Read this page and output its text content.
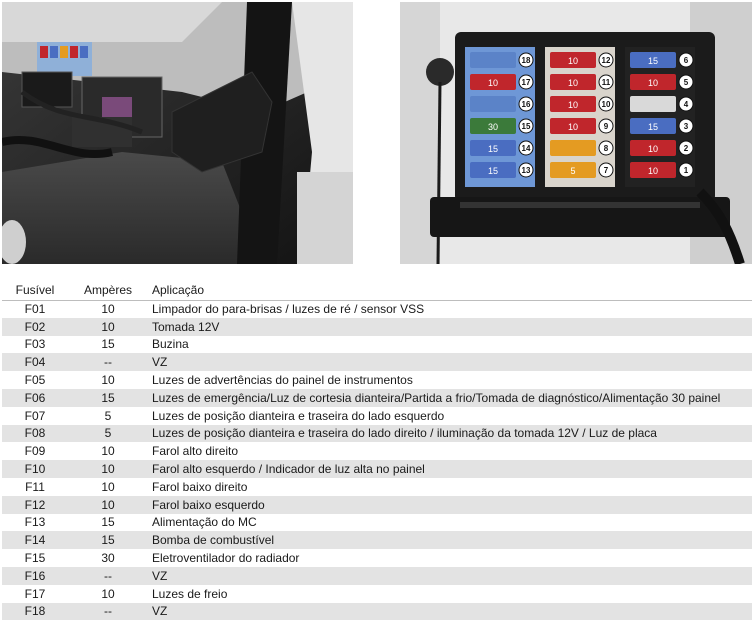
18
10	17
16
30	15
15	14
15	13
10	12
10	11
10	10
10	9
8
5	7
15	6
10	5
4
15	3
10	2
10	1
Fusível	Ampères	Aplicação
F01	10	Limpador do para-brisas / luzes de ré / sensor VSS
F02	10	Tomada 12V
F03	15	Buzina
F04	--	VZ
F05	10	Luzes de advertências do painel de instrumentos
F06	15	Luzes de emergência/Luz de cortesia dianteira/Partida a frio/Tomada de diagnóstico/Alimentação 30 painel
F07	5	Luzes de posição dianteira e traseira do lado esquerdo
F08	5	Luzes de posição dianteira e traseira do lado direito / iluminação da tomada 12V / Luz de placa
F09	10	Farol alto direito
F10	10	Farol alto esquerdo / Indicador de luz alta no painel
F11	10	Farol baixo direito
F12	10	Farol baixo esquerdo
F13	15	Alimentação do MC
F14	15	Bomba de combustível
F15	30	Eletroventilador do radiador
F16	--	VZ
F17	10	Luzes de freio
F18	--	VZ
